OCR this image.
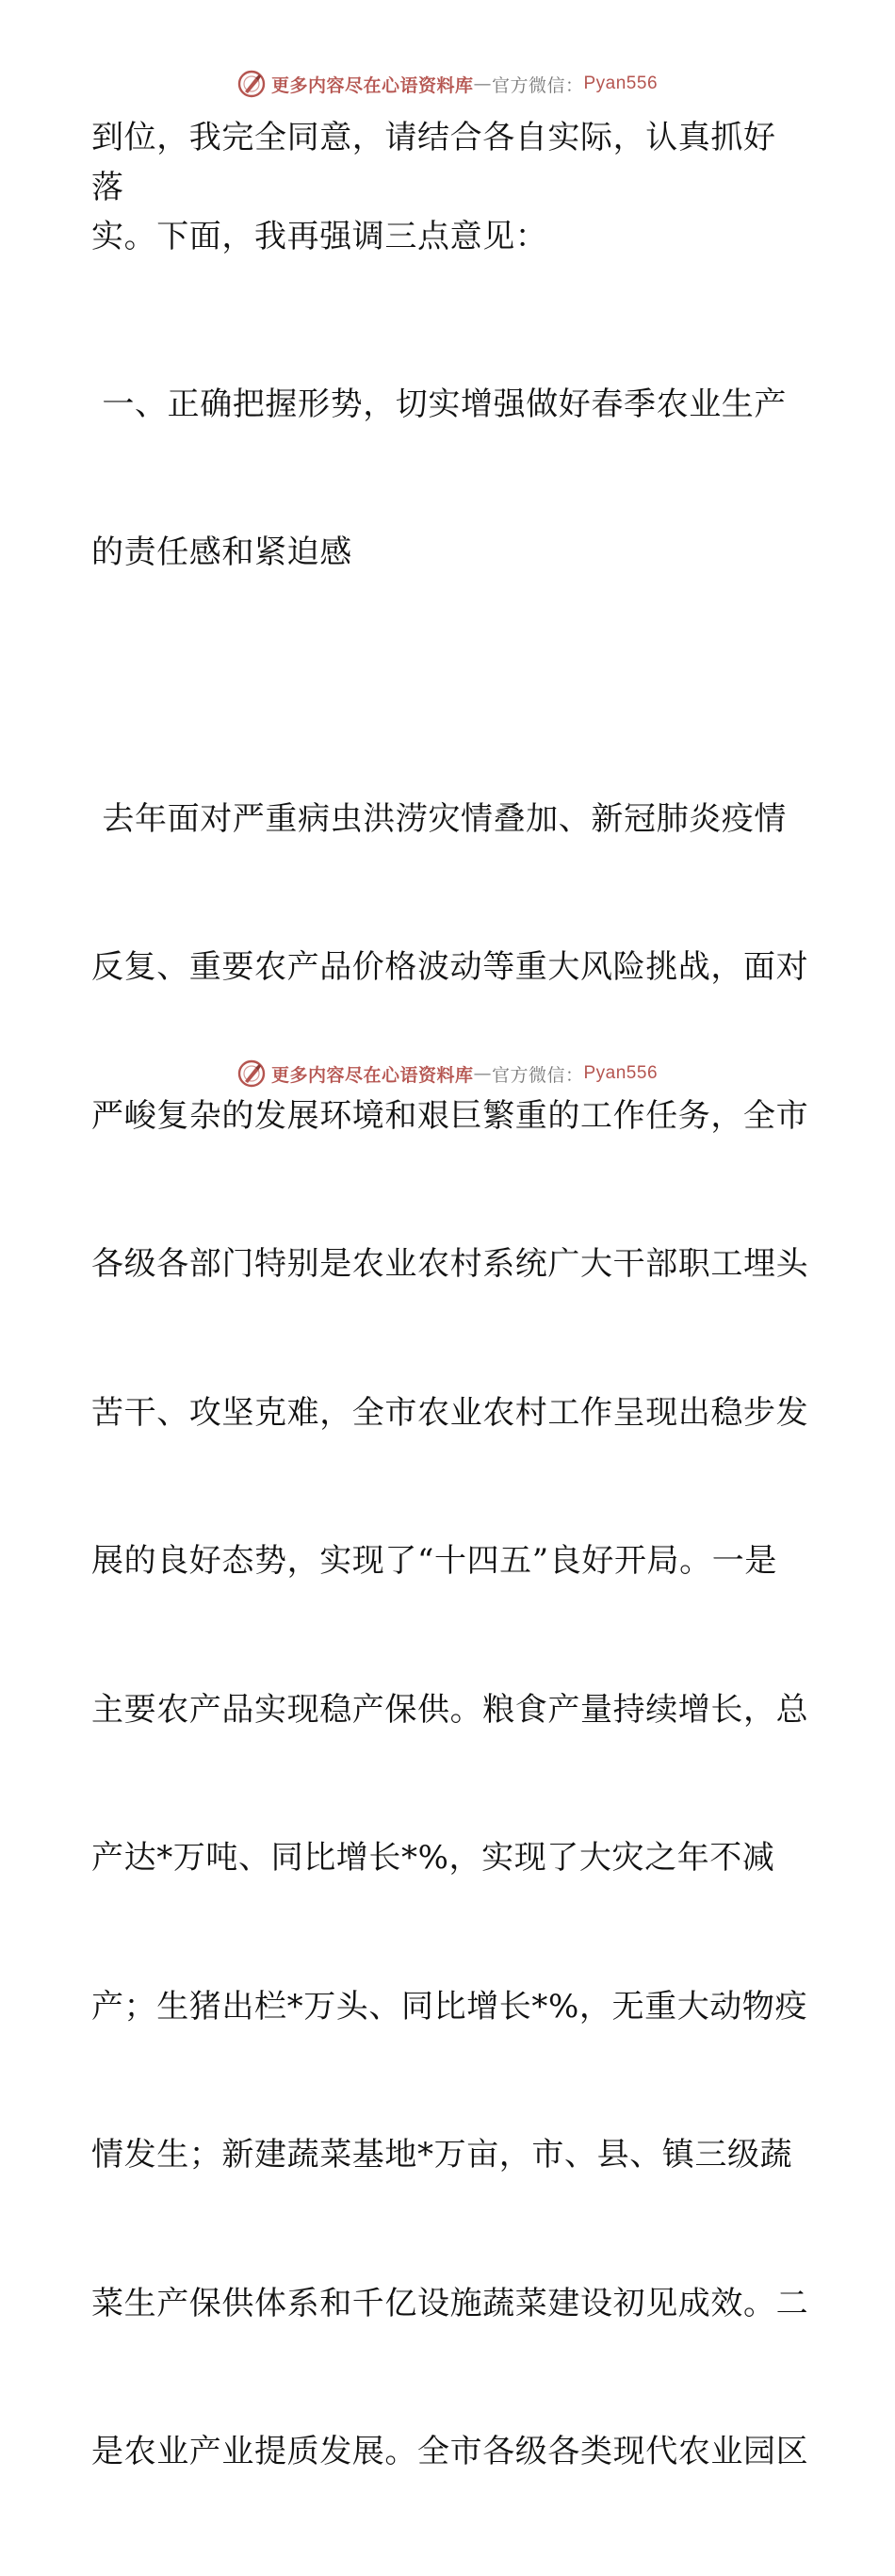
更多内容尽在心语资料库 — 官方微信： Pyan556
到位，我完全同意，请结合各自实际，认真抓好落
实。下面，我再强调三点意见：

一、正确把握形势，切实增强做好春季农业生产

的责任感和紧迫感

去年面对严重病虫洪涝灾情叠加、新冠肺炎疫情

反复、重要农产品价格波动等重大风险挑战，面对

严峻复杂的发展环境和艰巨繁重的工作任务，全市

各级各部门特别是农业农村系统广大干部职工埋头

苦干、攻坚克难，全市农业农村工作呈现出稳步发

展的良好态势，实现了“十四五”良好开局。一是

主要农产品实现稳产保供。粮食产量持续增长，总

产达*万吨、同比增长*%，实现了大灾之年不减

产；生猪出栏*万头、同比增长*%，无重大动物疫

情发生；新建蔬菜基地*万亩，市、县、镇三级蔬

菜生产保供体系和千亿设施蔬菜建设初见成效。二

是农业产业提质发展。全市各级各类现代农业园区

更多内容尽在心语资料库 — 官方微信： Pyan556
